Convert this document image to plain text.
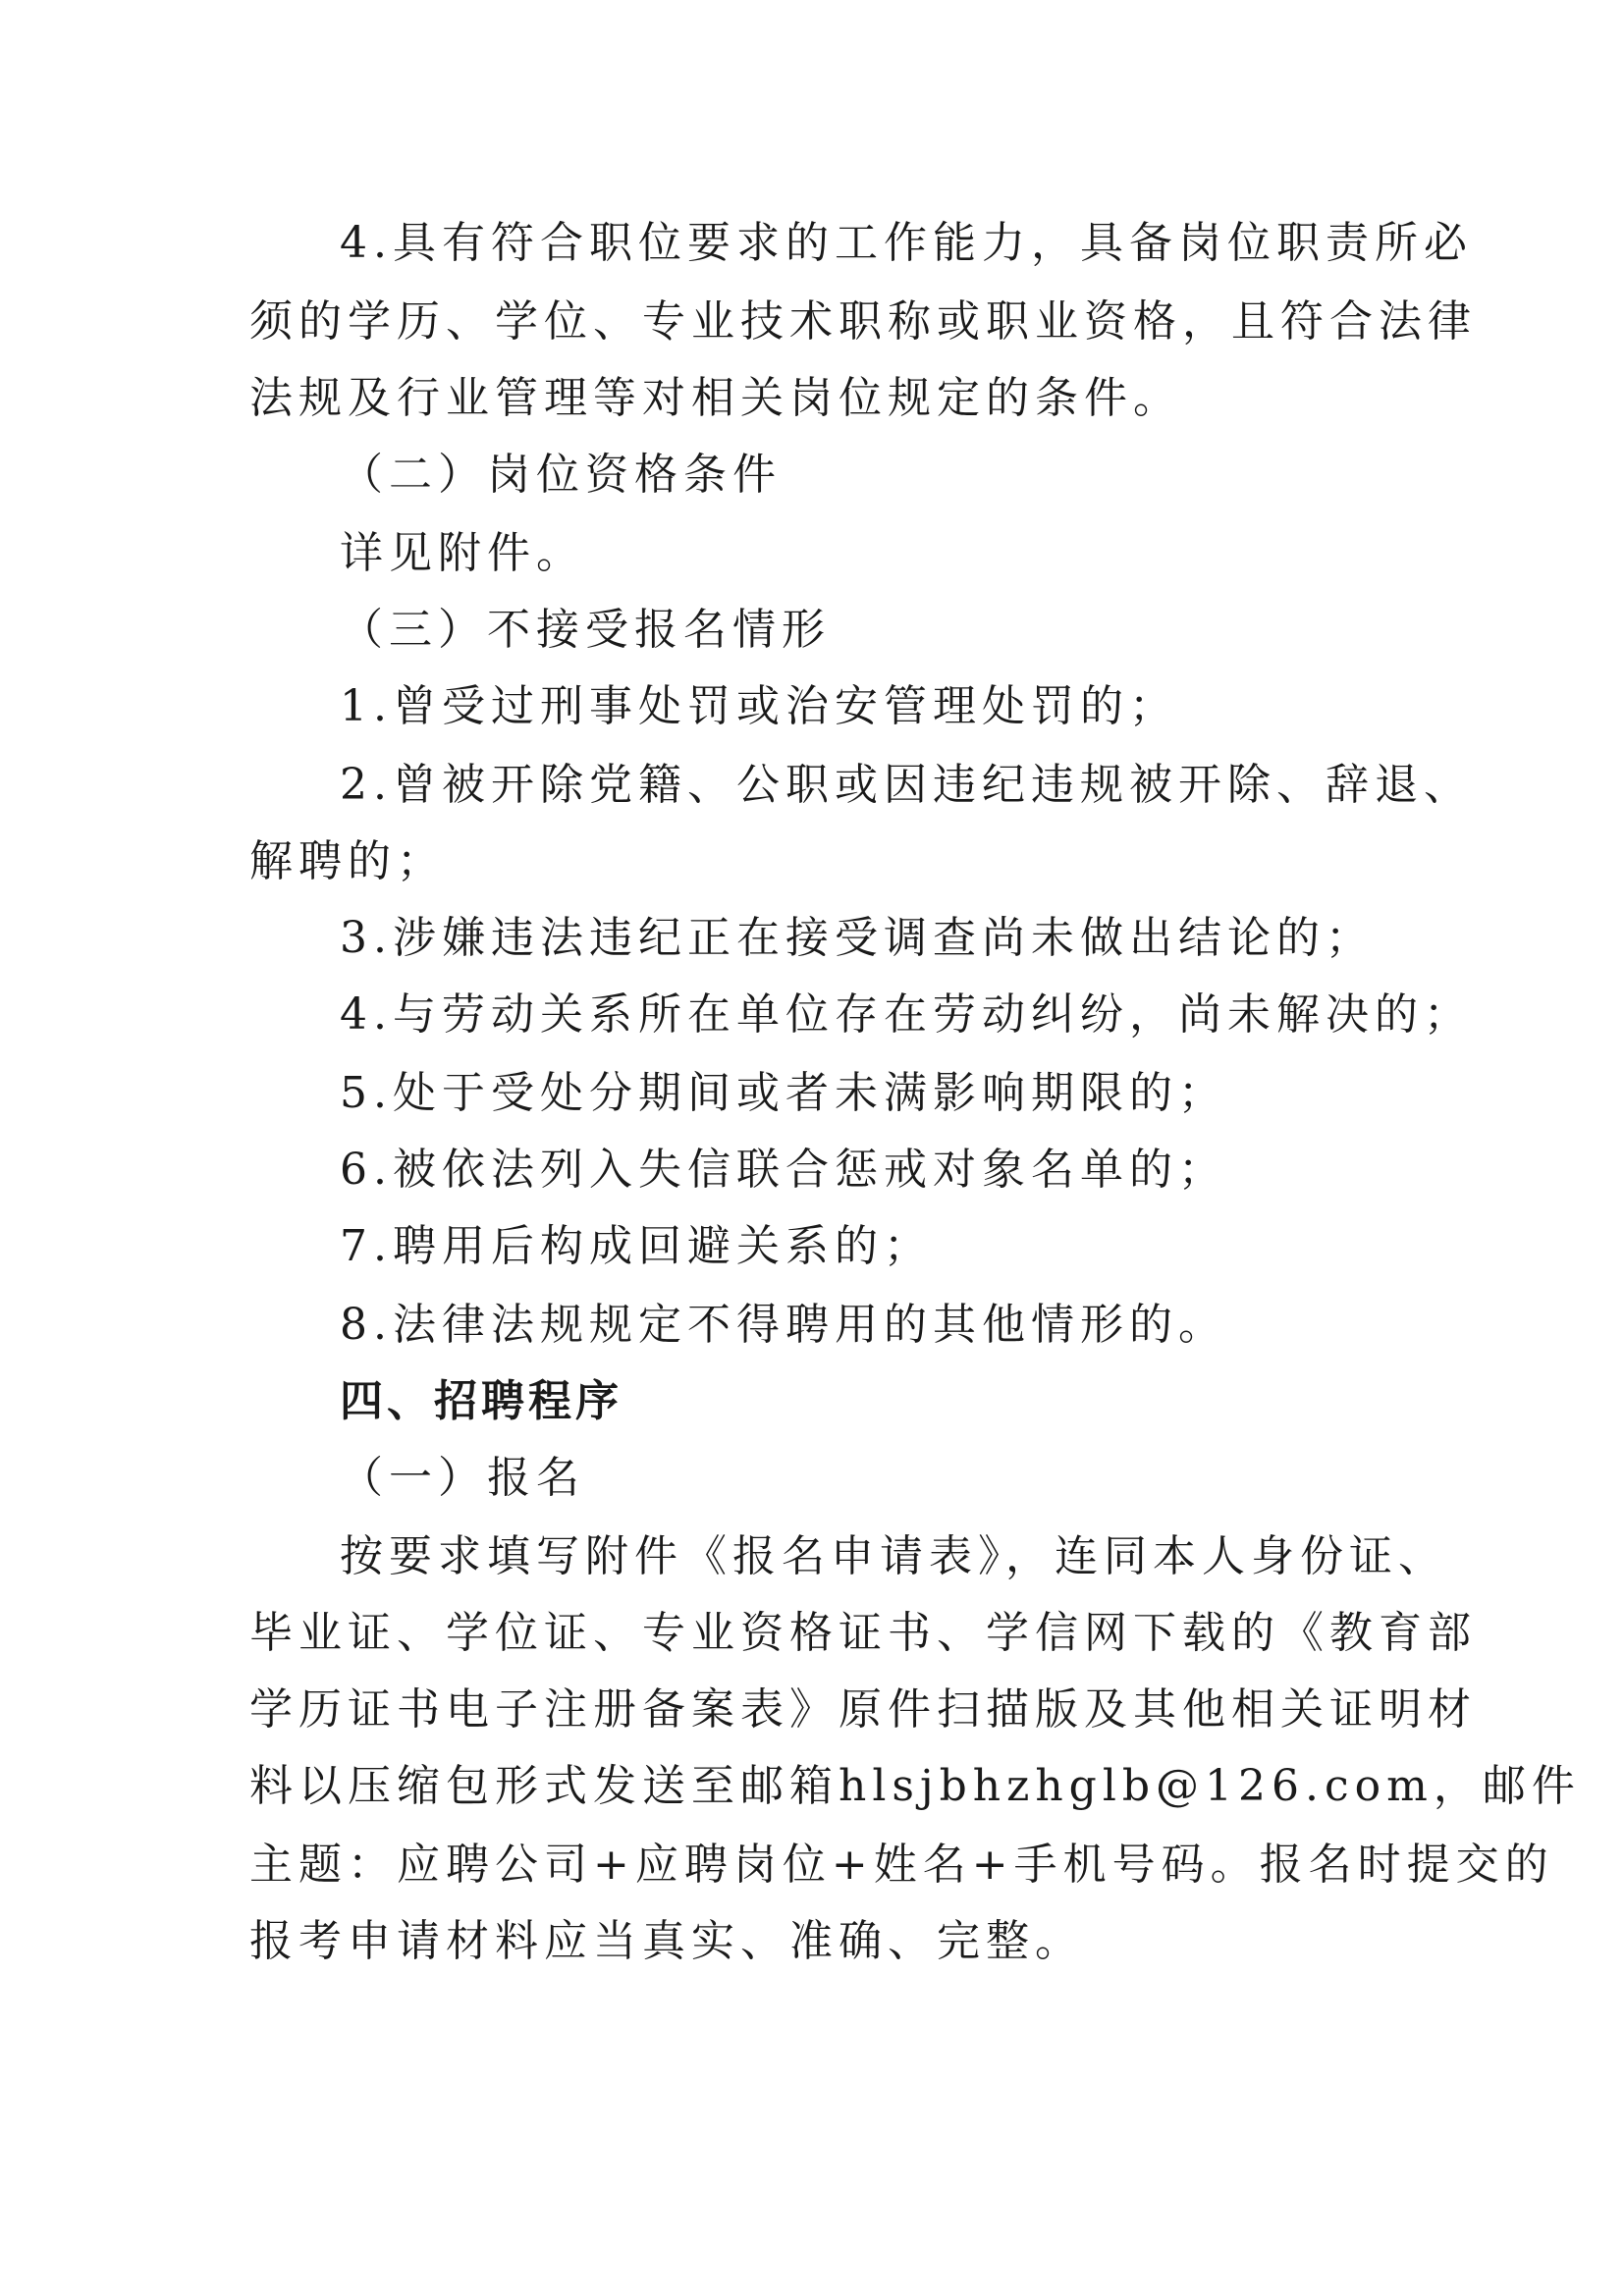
4.具有符合职位要求的工作能力，具备岗位职责所必

须的学历、学位、专业技术职称或职业资格，且符合法律

法规及行业管理等对相关岗位规定的条件。

（二）岗位资格条件

详见附件。

（三）不接受报名情形

1.曾受过刑事处罚或治安管理处罚的；

2.曾被开除党籍、公职或因违纪违规被开除、辞退、

解聘的；

3.涉嫌违法违纪正在接受调查尚未做出结论的；

4.与劳动关系所在单位存在劳动纠纷，尚未解决的；

5.处于受处分期间或者未满影响期限的；

6.被依法列入失信联合惩戒对象名单的；

7.聘用后构成回避关系的；

8.法律法规规定不得聘用的其他情形的。

四、招聘程序

（一）报名

按要求填写附件《报名申请表》，连同本人身份证、

毕业证、学位证、专业资格证书、学信网下载的《教育部

学历证书电子注册备案表》原件扫描版及其他相关证明材

料以压缩包形式发送至邮箱hlsjbhzhglb@126.com，邮件

主题：应聘公司+应聘岗位+姓名+手机号码。报名时提交的

报考申请材料应当真实、准确、完整。
